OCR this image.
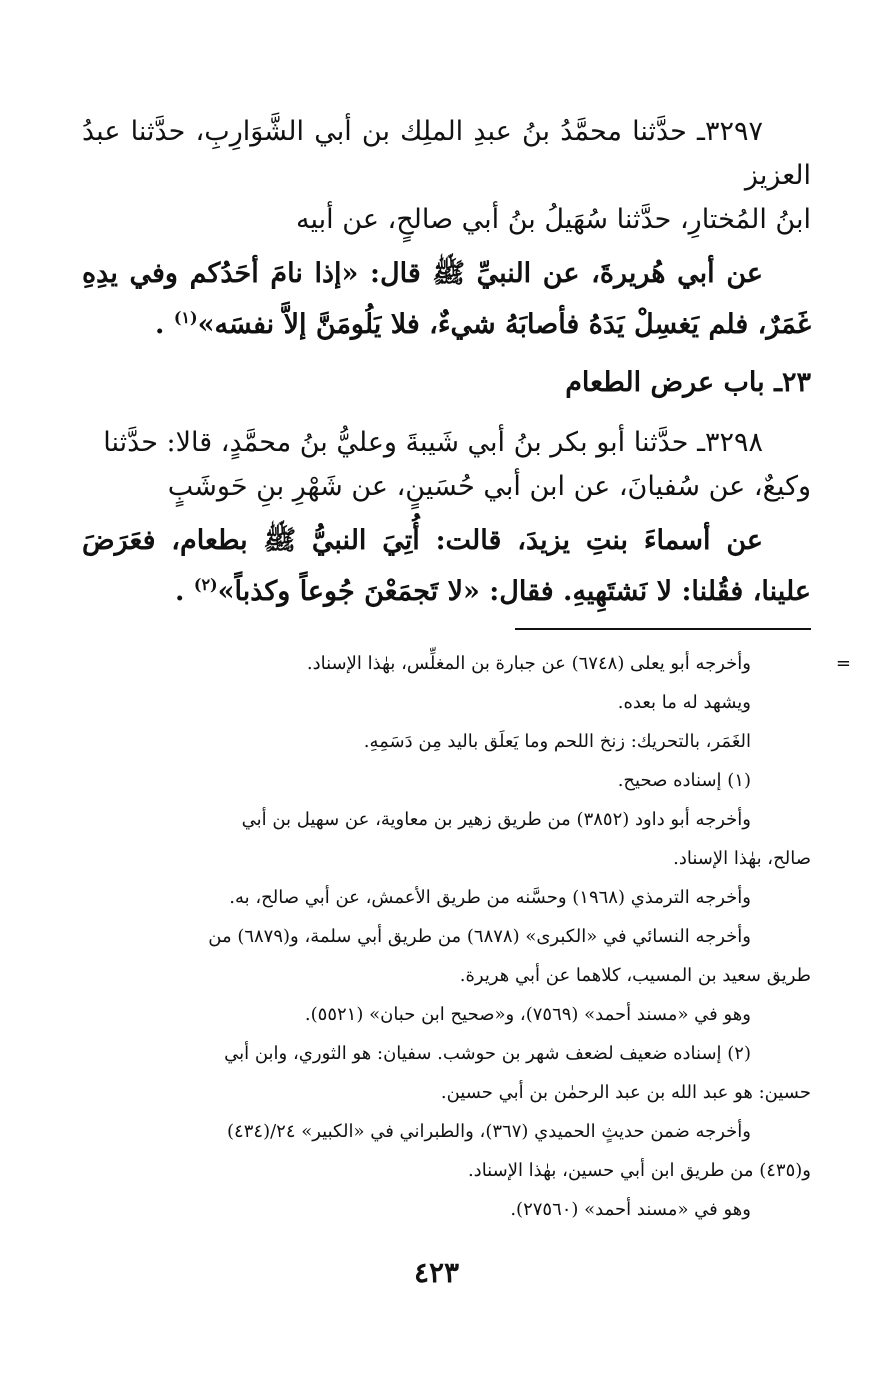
٣٢٩٧ـ حدَّثنا محمَّدُ بنُ عبدِ الملِك بن أبي الشَّوَارِبِ، حدَّثنا عبدُ العزيز
ابنُ المُختارِ، حدَّثنا سُهَيلُ بنُ أبي صالحٍ، عن أبيه

عن أبي هُريرةَ، عن النبيِّ ﷺ قال: «إذا نامَ أحَدُكم وفي يدِهِ غَمَرٌ، فلم يَغسِلْ يَدَهُ فأصابَهُ شيءٌ، فلا يَلُومَنَّ إلاَّ نفسَه»$^{(١)}$ .

٢٣ـ باب عرض الطعام

٣٢٩٨ـ حدَّثنا أبو بكر بنُ أبي شَيبةَ وعليُّ بنُ محمَّدٍ، قالا: حدَّثنا
وكيعٌ، عن سُفيانَ، عن ابن أبي حُسَينٍ، عن شَهْرِ بنِ حَوشَبٍ

عن أسماءَ بنتِ يزيدَ، قالت: أُتِيَ النبيُّ ﷺ بطعام، فعَرَضَ علينا، فقُلنا: لا نَشتَهِيهِ. فقال: «لا تَجمَعْنَ جُوعاً وكذباً»$^{(٢)}$ .

=

وأخرجه أبو يعلى (٦٧٤٨) عن جبارة بن المغلِّس، بهٰذا الإسناد.

ويشهد له ما بعده.

الغَمَر، بالتحريك: زنخ اللحم وما يَعلَق باليد مِن دَسَمِهِ.

(١) إسناده صحيح.

وأخرجه أبو داود (٣٨٥٢) من طريق زهير بن معاوية، عن سهيل بن أبي

صالح، بهٰذا الإسناد.

وأخرجه الترمذي (١٩٦٨) وحسَّنه من طريق الأعمش، عن أبي صالح، به.

وأخرجه النسائي في «الكبرى» (٦٨٧٨) من طريق أبي سلمة، و(٦٨٧٩) من

طريق سعيد بن المسيب، كلاهما عن أبي هريرة.

وهو في «مسند أحمد» (٧٥٦٩)، و«صحيح ابن حبان» (٥٥٢١).

(٢) إسناده ضعيف لضعف شهر بن حوشب. سفيان: هو الثوري، وابن أبي

حسين: هو عبد الله بن عبد الرحمٰن بن أبي حسين.

وأخرجه ضمن حديثٍ الحميدي (٣٦٧)، والطبراني في «الكبير» ٢٤/(٤٣٤)

و(٤٣٥) من طريق ابن أبي حسين، بهٰذا الإسناد.

وهو في «مسند أحمد» (٢٧٥٦٠).

٤٢٣
